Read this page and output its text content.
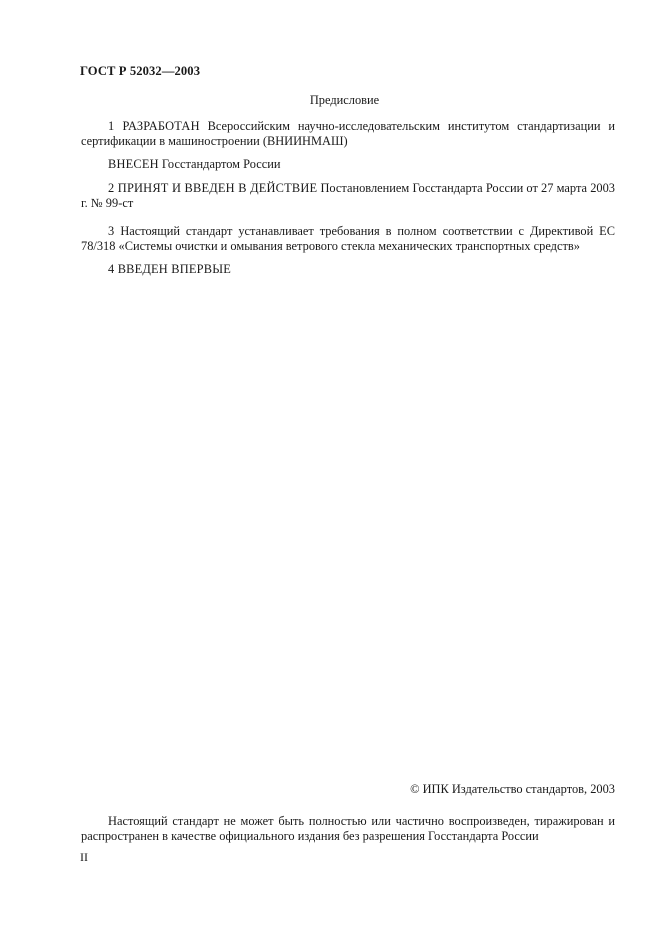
ГОСТ Р 52032—2003
Предисловие
1 РАЗРАБОТАН Всероссийским научно-исследовательским институтом стандартизации и сертификации в машиностроении (ВНИИНМАШ)
ВНЕСЕН Госстандартом России
2 ПРИНЯТ И ВВЕДЕН В ДЕЙСТВИЕ Постановлением Госстандарта России от 27 марта 2003 г. № 99-ст
3 Настоящий стандарт устанавливает требования в полном соответствии с Директивой ЕС 78/318 «Системы очистки и омывания ветрового стекла механических транспортных средств»
4 ВВЕДЕН ВПЕРВЫЕ
© ИПК Издательство стандартов, 2003
Настоящий стандарт не может быть полностью или частично воспроизведен, тиражирован и распространен в качестве официального издания без разрешения Госстандарта России
II
